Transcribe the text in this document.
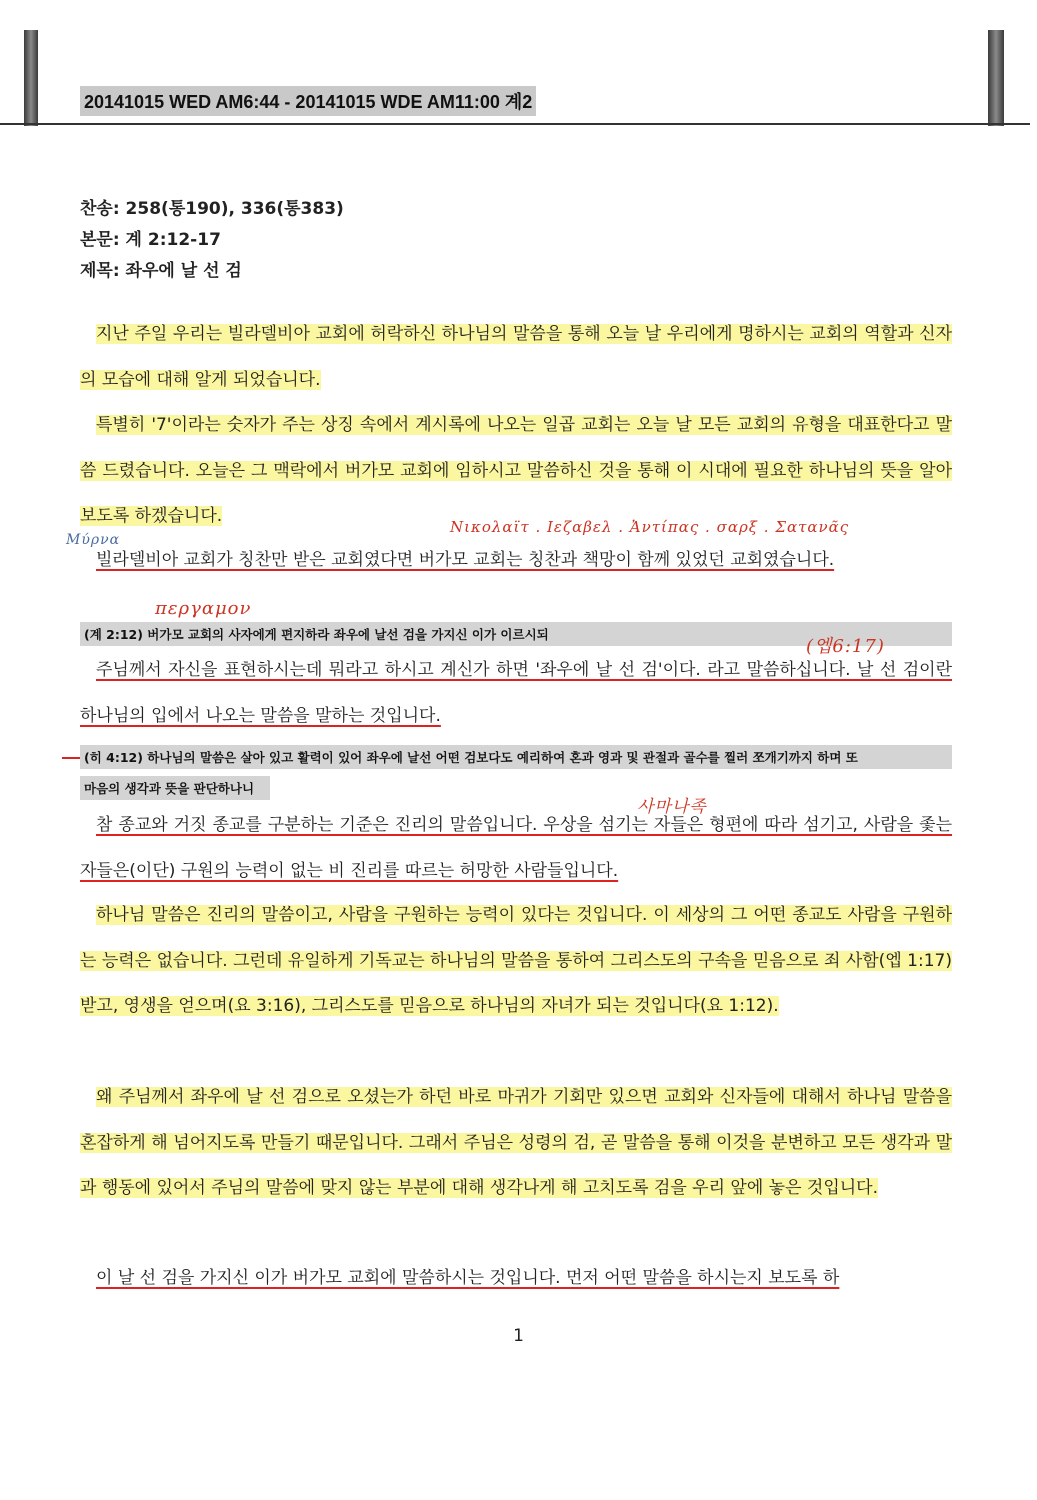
20141015 WED AM6:44 - 20141015 WDE AM11:00 계2
찬송: 258(통190), 336(통383)
본문: 계 2:12-17
제목: 좌우에 날 선 검
지난 주일 우리는 빌라델비아 교회에 허락하신 하나님의 말씀을 통해 오늘 날 우리에게 명하시는 교회의 역할과 신자의 모습에 대해 알게 되었습니다.
특별히 '7'이라는 숫자가 주는 상징 속에서 계시록에 나오는 일곱 교회는 오늘 날 모든 교회의 유형을 대표한다고 말씀 드렸습니다. 오늘은 그 맥락에서 버가모 교회에 임하시고 말씀하신 것을 통해 이 시대에 필요한 하나님의 뜻을 알아보도록 하겠습니다.
Nικολαϊτ . Ιεζαβελ . Ἀντίπας . σαρξ . Σατανᾶς
Μύρνα
빌라델비아 교회가 칭찬만 받은 교회였다면 버가모 교회는 칭찬과 책망이 함께 있었던 교회였습니다.
περγαμον
(계 2:12) 버가모 교회의 사자에게 편지하라 좌우에 날선 검을 가지신 이가 이르시되
(엡6:17)
주님께서 자신을 표현하시는데 뭐라고 하시고 계신가 하면 '좌우에 날 선 검'이다. 라고 말씀하십니다. 날 선 검이란 하나님의 입에서 나오는 말씀을 말하는 것입니다.
(히 4:12) 하나님의 말씀은 살아 있고 활력이 있어 좌우에 날선 어떤 검보다도 예리하여 혼과 영과 및 관절과 골수를 찔러 쪼개기까지 하며 또
마음의 생각과 뜻을 판단하나니
사마나족
참 종교와 거짓 종교를 구분하는 기준은 진리의 말씀입니다. 우상을 섬기는 자들은 형편에 따라 섬기고, 사람을 좇는 자들은(이단) 구원의 능력이 없는 비 진리를 따르는 허망한 사람들입니다.
하나님 말씀은 진리의 말씀이고, 사람을 구원하는 능력이 있다는 것입니다. 이 세상의 그 어떤 종교도 사람을 구원하는 능력은 없습니다. 그런데 유일하게 기독교는 하나님의 말씀을 통하여 그리스도의 구속을 믿음으로 죄 사함(엡 1:17) 받고, 영생을 얻으며(요 3:16), 그리스도를 믿음으로 하나님의 자녀가 되는 것입니다(요 1:12).
왜 주님께서 좌우에 날 선 검으로 오셨는가 하던 바로 마귀가 기회만 있으면 교회와 신자들에 대해서 하나님 말씀을 혼잡하게 해 넘어지도록 만들기 때문입니다. 그래서 주님은 성령의 검, 곧 말씀을 통해 이것을 분변하고 모든 생각과 말과 행동에 있어서 주님의 말씀에 맞지 않는 부분에 대해 생각나게 해 고치도록 검을 우리 앞에 놓은 것입니다.
이 날 선 검을 가지신 이가 버가모 교회에 말씀하시는 것입니다. 먼저 어떤 말씀을 하시는지 보도록 하
1
